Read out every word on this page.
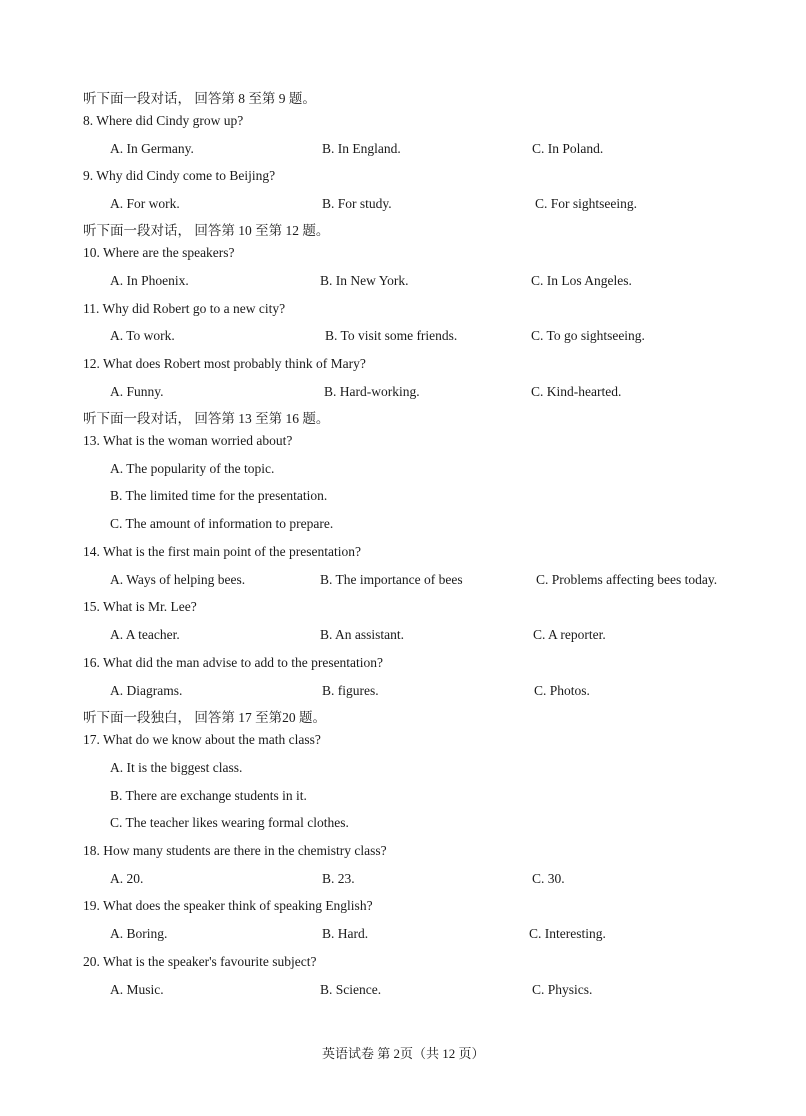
听下面一段对话， 回答第 8 至第 9 题。
8. Where did Cindy grow up?
A. In Germany.	B. In England.	C. In Poland.
9. Why did Cindy come to Beijing?
A. For work.	B. For study.	C. For sightseeing.
听下面一段对话， 回答第 10 至第 12 题。
10. Where are the speakers?
A. In Phoenix.	B. In New York.	C. In Los Angeles.
11. Why did Robert go to a new city?
A. To work.	B. To visit some friends.	C. To go sightseeing.
12. What does Robert most probably think of Mary?
A. Funny.	B. Hard-working.	C. Kind-hearted.
听下面一段对话， 回答第 13 至第 16 题。
13. What is the woman worried about?
A. The popularity of the topic.
B. The limited time for the presentation.
C. The amount of information to prepare.
14. What is the first main point of the presentation?
A. Ways of helping bees.	B. The importance of bees	C. Problems affecting bees today.
15. What is Mr. Lee?
A. A teacher.	B. An assistant.	C. A reporter.
16. What did the man advise to add to the presentation?
A. Diagrams.	B. figures.	C. Photos.
听下面一段独白， 回答第 17 至第20 题。
17. What do we know about the math class?
A. It is the biggest class.
B. There are exchange students in it.
C. The teacher likes wearing formal clothes.
18. How many students are there in the chemistry class?
A. 20.	B. 23.	C. 30.
19. What does the speaker think of speaking English?
A. Boring.	B. Hard.	C. Interesting.
20. What is the speaker's favourite subject?
A. Music.	B. Science.	C. Physics.
英语试卷 第 2页（共 12 页）
